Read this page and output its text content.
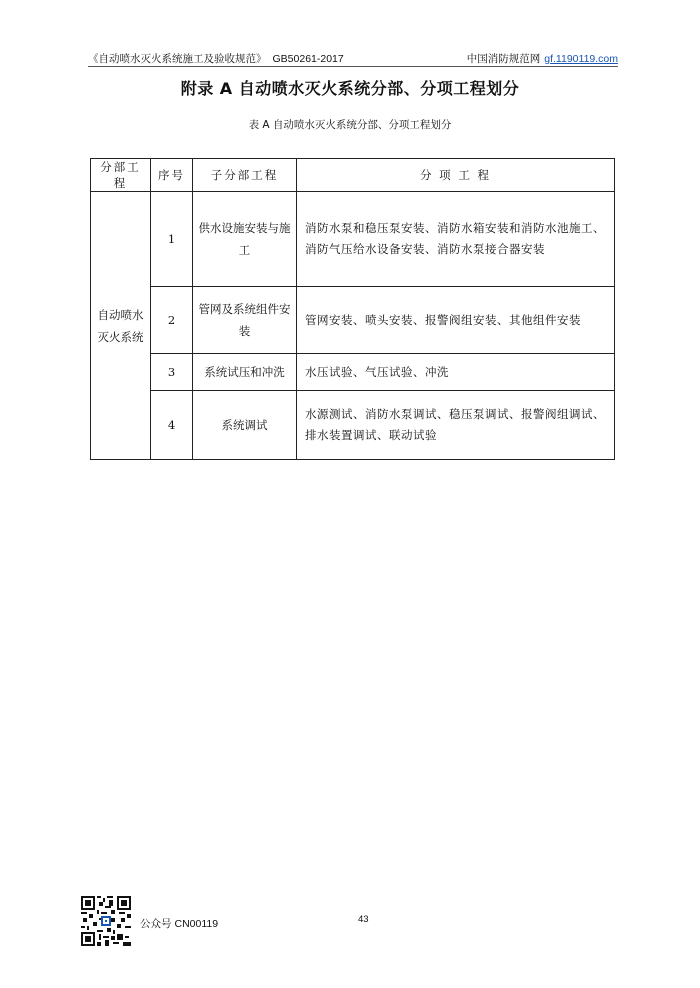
《自动喷水灭火系统施工及验收规范》 GB50261-2017	中国消防规范网 gf.1190119.com
附录 A 自动喷水灭火系统分部、分项工程划分
表 A 自动喷水灭火系统分部、分项工程划分
分部工程	序号	子分部工程	分 项 工 程
自动喷水灭火系统	1	供水设施安装与施工	消防水泵和稳压泵安装、消防水箱安装和消防水池施工、消防气压给水设备安装、消防水泵接合器安装
	2	管网及系统组件安装	管网安装、喷头安装、报警阀组安装、其他组件安装
	3	系统试压和冲洗	水压试验、气压试验、冲洗
	4	系统调试	水源测试、消防水泵调试、稳压泵调试、报警阀组调试、排水装置调试、联动试验
公众号 CN00119	43
